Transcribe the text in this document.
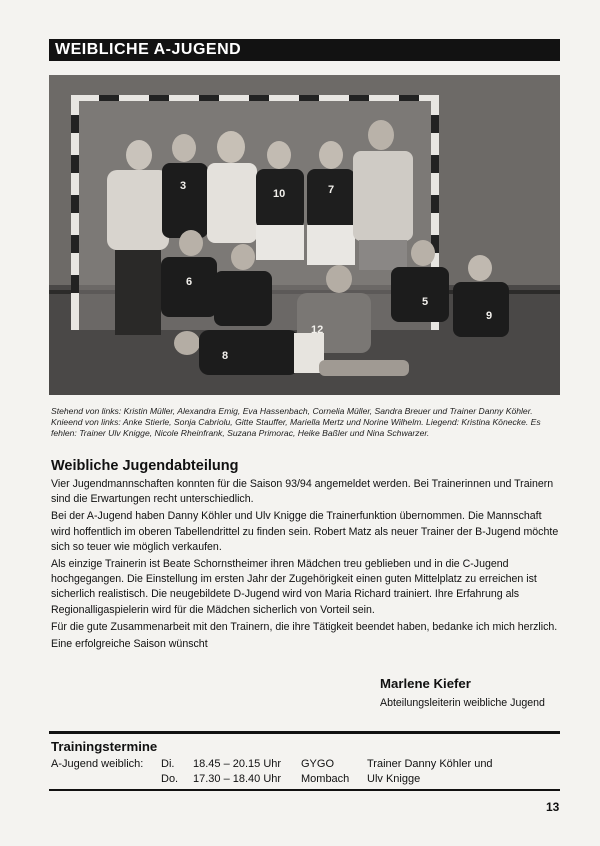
WEIBLICHE A-JUGEND
3
10	7
6
5
12
9
8
Stehend von links: Kristin Müller, Alexandra Emig, Eva Hassenbach, Cornelia Müller, Sandra Breuer und Trainer Danny Köhler. Knieend von links: Anke Stierle, Sonja Cabriolu, Gitte Stauffer, Mariella Mertz und Norine Wilhelm. Liegend: Kristina Könecke. Es fehlen: Trainer Ulv Knigge, Nicole Rheinfrank, Suzana Primorac, Heike Baßler und Nina Schwarzer.
Weibliche Jugendabteilung

Vier Jugendmannschaften konnten für die Saison 93/94 angemeldet werden. Bei Trainerinnen und Trainern sind die Erwartungen recht unterschiedlich.

Bei der A-Jugend haben Danny Köhler und Ulv Knigge die Trainerfunktion übernommen. Die Mannschaft wird hoffentlich im oberen Tabellendrittel zu finden sein. Robert Matz als neuer Trainer der B-Jugend möchte sich so teuer wie möglich verkaufen.

Als einzige Trainerin ist Beate Schornstheimer ihren Mädchen treu geblieben und in die C-Jugend hochgegangen. Die Einstellung im ersten Jahr der Zugehörigkeit einen guten Mittelplatz zu erreichen ist sicherlich realistisch. Die neugebildete D-Jugend wird von Maria Richard trainiert. Ihre Erfahrung als Regionalligaspielerin wird für die Mädchen sicherlich von Vorteil sein.

Für die gute Zusammenarbeit mit den Trainern, die ihre Tätigkeit beendet haben, bedanke ich mich herzlich.

Eine erfolgreiche Saison wünscht

Marlene Kiefer
Abteilungsleiterin weibliche Jugend
Trainingstermine
A-Jugend weiblich: Di. 18.45 – 20.15 Uhr GYGO	Trainer Danny Köhler und
Do. 17.30 – 18.40 Uhr Mombach Ulv Knigge
13
